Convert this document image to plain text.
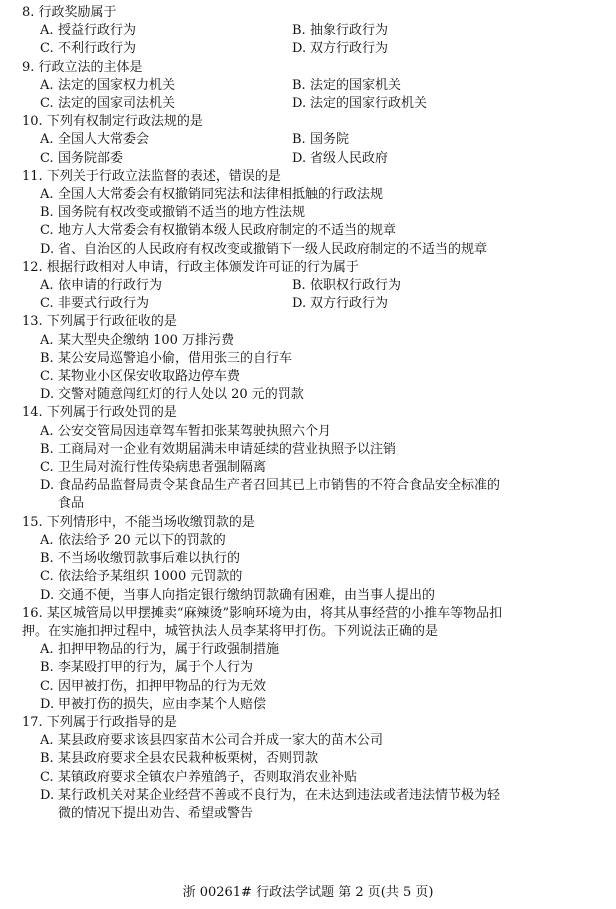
8. 行政奖励属于
A. 授益行政行为	B. 抽象行政行为
C. 不利行政行为	D. 双方行政行为
9. 行政立法的主体是
A. 法定的国家权力机关	B. 法定的国家机关
C. 法定的国家司法机关	D. 法定的国家行政机关
10. 下列有权制定行政法规的是
A. 全国人大常委会	B. 国务院
C. 国务院部委	D. 省级人民政府
11. 下列关于行政立法监督的表述，错误的是
A. 全国人大常委会有权撤销同宪法和法律相抵触的行政法规
B. 国务院有权改变或撤销不适当的地方性法规
C. 地方人大常委会有权撤销本级人民政府制定的不适当的规章
D. 省、自治区的人民政府有权改变或撤销下一级人民政府制定的不适当的规章
12. 根据行政相对人申请，行政主体颁发许可证的行为属于
A. 依申请的行政行为	B. 依职权行政行为
C. 非要式行政行为	D. 双方行政行为
13. 下列属于行政征收的是
A. 某大型央企缴纳 100 万排污费
B. 某公安局巡警追小偷，借用张三的自行车
C. 某物业小区保安收取路边停车费
D. 交警对随意闯红灯的行人处以 20 元的罚款
14. 下列属于行政处罚的是
A. 公安交管局因违章驾车暂扣张某驾驶执照六个月
B. 工商局对一企业有效期届满未申请延续的营业执照予以注销
C. 卫生局对流行性传染病患者强制隔离
D. 食品药品监督局责令某食品生产者召回其已上市销售的不符合食品安全标准的
食品
15. 下列情形中，不能当场收缴罚款的是
A. 依法给予 20 元以下的罚款的
B. 不当场收缴罚款事后难以执行的
C. 依法给予某组织 1000 元罚款的
D. 交通不便，当事人向指定银行缴纳罚款确有困难，由当事人提出的
16. 某区城管局以甲摆摊卖“麻辣烫”影响环境为由，将其从事经营的小推车等物品扣
押。在实施扣押过程中，城管执法人员李某将甲打伤。下列说法正确的是
A. 扣押甲物品的行为，属于行政强制措施
B. 李某殴打甲的行为，属于个人行为
C. 因甲被打伤，扣押甲物品的行为无效
D. 甲被打伤的损失，应由李某个人赔偿
17. 下列属于行政指导的是
A. 某县政府要求该县四家苗木公司合并成一家大的苗木公司
B. 某县政府要求全县农民栽种板栗树，否则罚款
C. 某镇政府要求全镇农户养殖鸽子，否则取消农业补贴
D. 某行政机关对某企业经营不善或不良行为，在未达到违法或者违法情节极为轻
微的情况下提出劝告、希望或警告
浙 00261# 行政法学试题 第 2 页(共 5 页)
